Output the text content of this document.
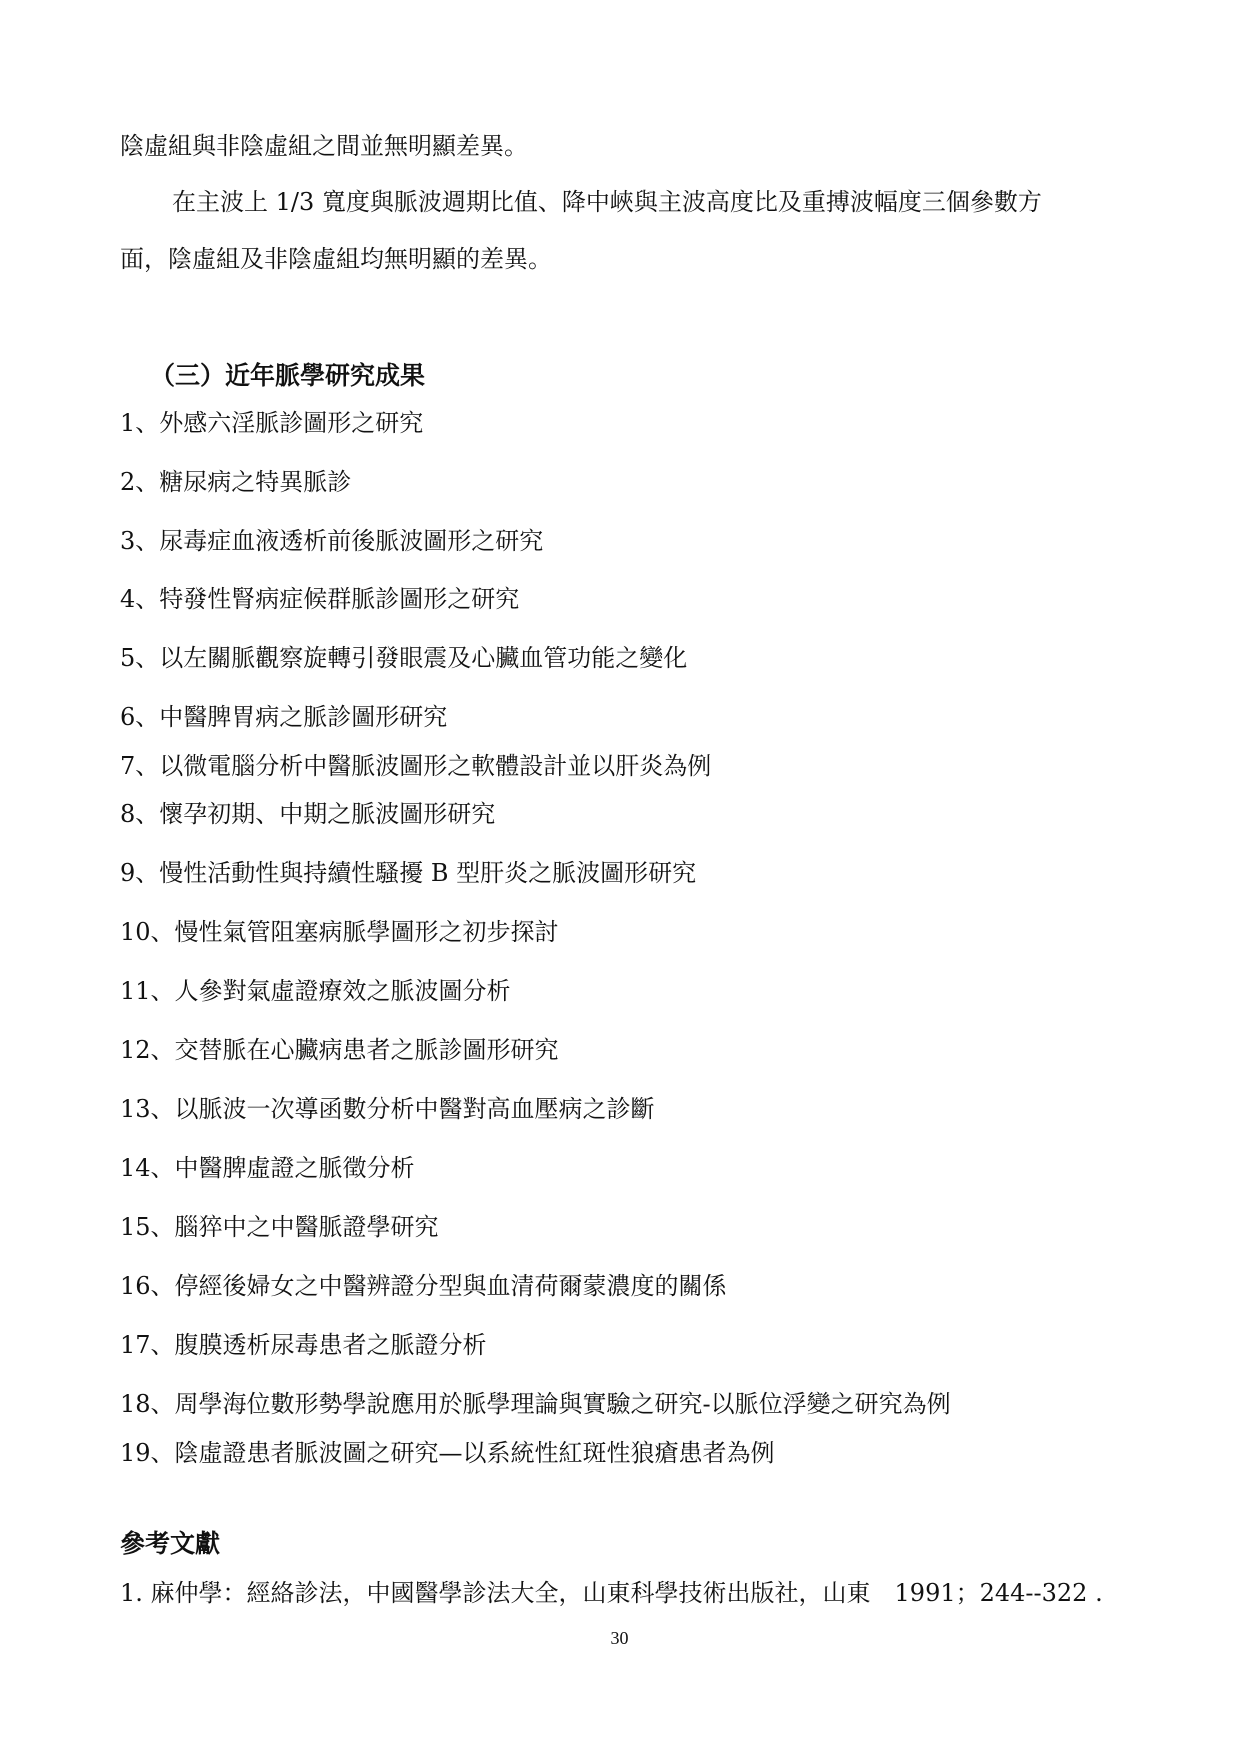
陰虛組與非陰虛組之間並無明顯差異。
在主波上 1/3 寬度與脈波週期比值、降中峽與主波高度比及重搏波幅度三個參數方
面，陰虛組及非陰虛組均無明顯的差異。
（三）近年脈學研究成果
1、外感六淫脈診圖形之研究
2、糖尿病之特異脈診
3、尿毒症血液透析前後脈波圖形之研究
4、特發性腎病症候群脈診圖形之研究
5、以左關脈觀察旋轉引發眼震及心臟血管功能之變化
6、中醫脾胃病之脈診圖形研究
7、以微電腦分析中醫脈波圖形之軟體設計並以肝炎為例
8、懷孕初期、中期之脈波圖形研究
9、慢性活動性與持續性騷擾 B 型肝炎之脈波圖形研究
10、慢性氣管阻塞病脈學圖形之初步探討
11、人參對氣虛證療效之脈波圖分析
12、交替脈在心臟病患者之脈診圖形研究
13、以脈波一次導函數分析中醫對高血壓病之診斷
14、中醫脾虛證之脈徵分析
15、腦猝中之中醫脈證學研究
16、停經後婦女之中醫辨證分型與血清荷爾蒙濃度的關係
17、腹膜透析尿毒患者之脈證分析
18、周學海位數形勢學說應用於脈學理論與實驗之研究-以脈位浮變之研究為例
19、陰虛證患者脈波圖之研究—以系統性紅斑性狼瘡患者為例
參考文獻
1. 麻仲學：經絡診法，中國醫學診法大全，山東科學技術出版社，山東　1991；244--322 .
30
